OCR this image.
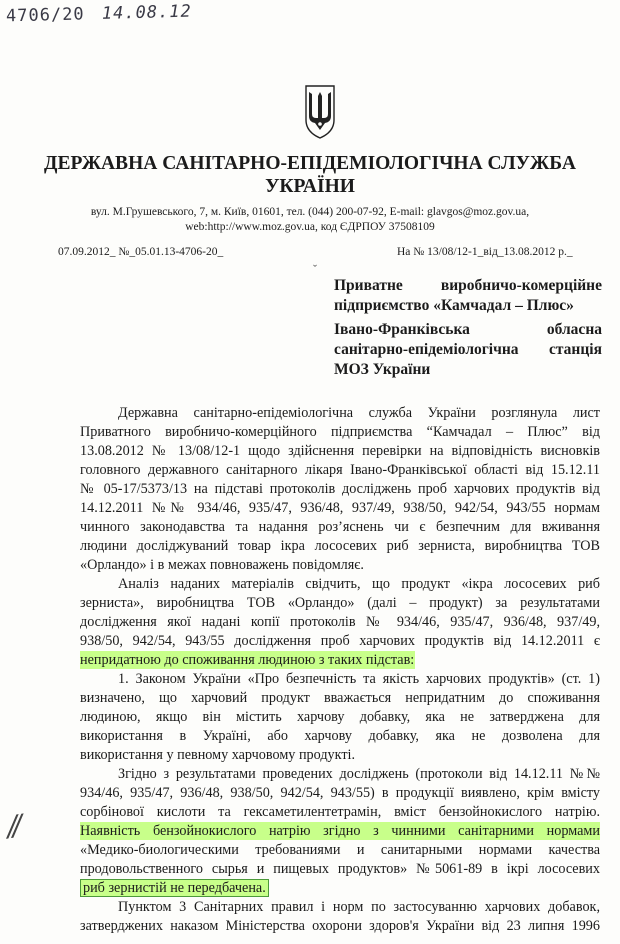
4706/20 14.08.12
ДЕРЖАВНА САНІТАРНО-ЕПІДЕМІОЛОГІЧНА СЛУЖБА
УКРАЇНИ
вул. М.Грушевського, 7, м. Київ, 01601, тел. (044) 200-07-92, E-mail: glavgos@moz.gov.ua,
web:http://www.moz.gov.ua, код ЄДРПОУ 37508109
07.09.2012_ №_05.01.13-4706-20_	На № 13/08/12-1_від_13.08.2012 р._
ˇ
Приватне виробничо-комерційне
підприємство «Камчадал – Плюс»
Івано-Франківська	обласна
санітарно-епідеміологічна станція
МОЗ України
Державна санітарно-епідеміологічна служба України розглянула лист
Приватного виробничо-комерційного підприємства “Камчадал – Плюс” від
13.08.2012 № 13/08/12-1 щодо здійснення перевірки на відповідність висновків
головного державного санітарного лікаря Івано-Франківської області від 15.12.11
№ 05-17/5373/13 на підставі протоколів досліджень проб харчових продуктів від
14.12.2011 №№ 934/46, 935/47, 936/48, 937/49, 938/50, 942/54, 943/55 нормам
чинного законодавства та надання роз’яснень чи є безпечним для вживання
людини досліджуваний товар ікра лососевих риб зерниста, виробництва ТОВ
«Орландо» і в межах повноважень повідомляє.
Аналіз наданих матеріалів свідчить, що продукт «ікра лососевих риб
зерниста», виробництва ТОВ «Орландо» (далі – продукт) за результатами
дослідження якої надані копії протоколів № 934/46, 935/47, 936/48, 937/49,
938/50, 942/54, 943/55 дослідження проб харчових продуктів від 14.12.2011 є
непридатною до споживання людиною з таких підстав:
1. Законом України «Про безпечність та якість харчових продуктів» (ст. 1)
визначено, що харчовий продукт вважається непридатним до споживання
людиною, якщо він містить харчову добавку, яка не затверджена для
використання в Україні, або харчову добавку, яка не дозволена для
використання у певному харчовому продукті.
Згідно з результатами проведених досліджень (протоколи від 14.12.11 №№
934/46, 935/47, 936/48, 938/50, 942/54, 943/55) в продукції виявлено, крім вмісту
сорбінової кислоти та гексаметилентетрамін, вміст бензойнокислого натрію.
Наявність бензойнокислого натрію згідно з чинними санітарними нормами
«Медико-биологическими требованиями и санитарными нормами качества
продовольственного сырья и пищевых продуктов» №5061-89 в ікрі лососевих
риб зернистій не передбачена.
Пунктом 3 Санітарних правил і норм по застосуванню харчових добавок,
затверджених наказом Міністерства охорони здоров'я України від 23 липня 1996
⁄⁄
